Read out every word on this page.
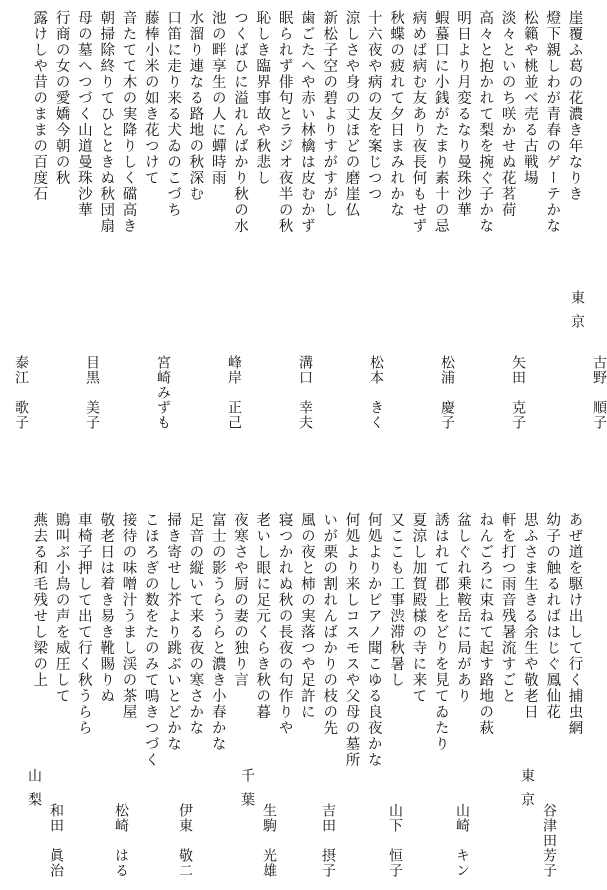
崖覆ふ葛の花濃き年なりき
燈下親しわが青春のゲーテかな
松籟や桃並べ売る古戦場
淡々といのち咲かせぬ花茗荷
高々と抱かれて梨を捥ぐ子かな
明日より月変るなり曼珠沙華
蝦蟇口に小銭がたまり素十の忌
病めば病む友あり夜長何もせず
秋蝶の疲れて夕日まみれかな
十六夜や病の友を案じつつ
涼しさや身の丈ほどの磨崖仏
新松子空の碧よりすがすがし
歯ごたへや赤い林檎は皮むかず
眠られず俳句とラジオ夜半の秋
恥しき臨界事故や秋悲し
つくばひに溢れんばかり秋の水
池の畔享生の人に蟬時雨
水溜り連なる路地の秋深む
口笛に走り来る犬ゐのこづち
藤棒小米の如き花つけて
音たてて木の実降りしく礑高き
朝掃除終りてひとときぬ秋団扇
母の墓へつづく山道曼珠沙華
行商の女の愛嬌今朝の秋
露けしや昔のままの百度石
東京
古野　順子
矢田　克子
松浦　慶子
松本　きく
溝口　幸夫
峰岸　正己
宮崎みずも
目黒　美子
泰江　歌子
あぜ道を駆け出して行く捕虫網
幼子の触るればはじぐ鳳仙花
思ふさま生きる余生や敬老日
軒を打つ雨音残暑流すごと
ねんごろに束ねて起す路地の萩
盆しぐれ乗鞍岳に局があり
誘はれて郡上をどりを見てゐたり
夏涼し加賀殿様の寺に来て
又ここも工事渋滞秋暑し
何処よりかピアノ聞こゆる良夜かな
何処より来しコスモスや父母の墓所
いが栗の割れんばかりの枝の先
風の夜と柿の実落つや足許に
寝つかれぬ秋の長夜の句作りや
老いし眼に足元くらき秋の暮
夜寒さや厨の妻の独り言
富士の影うらうらと濃き小春かな
足音の縦いて来る夜の寒さかな
掃き寄せし芥より跳ぶいとどかな
こほろぎの数をたのみて鳴きつづく
接待の味噌汁うまし渓の茶屋
敬老日は着き易き靴賜りぬ
車椅子押して出て行く秋うらら
鵙叫ぶ小鳥の声を威圧して
燕去る和毛残せし梁の上
東京
谷津田芳子
山崎　キン
山下　恒子
吉田　摂子
千葉
生駒　光雄
伊東　敬二
松崎　はる
山梨
和田　眞治
